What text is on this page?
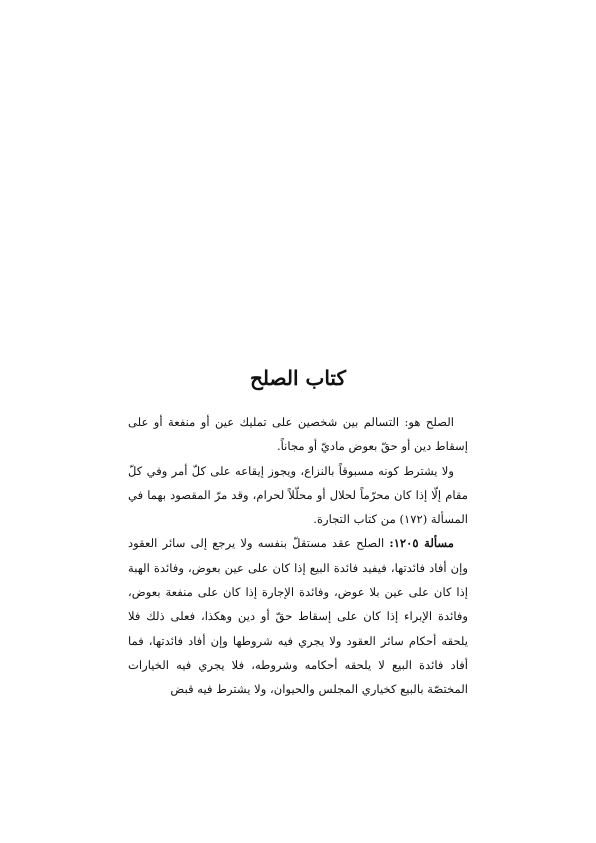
كتاب الصلح

الصلح هو: التسالم بين شخصين على تمليك عين أو منفعة أو على إسقاط دين أو حقّ بعوض ماديّ أو مجاناً.

ولا يشترط كونه مسبوقاً بالنزاع، ويجوز إيقاعه على كلّ أمر وفي كلّ مقام إلّا إذا كان محرّماً لحلال أو محلّلاً لحرام، وقد مرّ المقصود بهما في المسألة (١٧٢) من كتاب التجارة.

مسألة ١٢٠٥: الصلح عقد مستقلّ بنفسه ولا يرجع إلى سائر العقود وإن أفاد فائدتها، فيفيد فائدة البيع إذا كان على عين بعوض، وفائدة الهبة إذا كان على عين بلا عوض، وفائدة الإجارة إذا كان على منفعة بعوض، وفائدة الإبراء إذا كان على إسقاط حقّ أو دين وهكذا، فعلى ذلك فلا يلحقه أحكام سائر العقود ولا يجري فيه شروطها وإن أفاد فائدتها، فما أفاد فائدة البيع لا يلحقه أحكامه وشروطه، فلا يجري فيه الخيارات المختصّة بالبيع كخياري المجلس والحيوان، ولا يشترط فيه قبض
